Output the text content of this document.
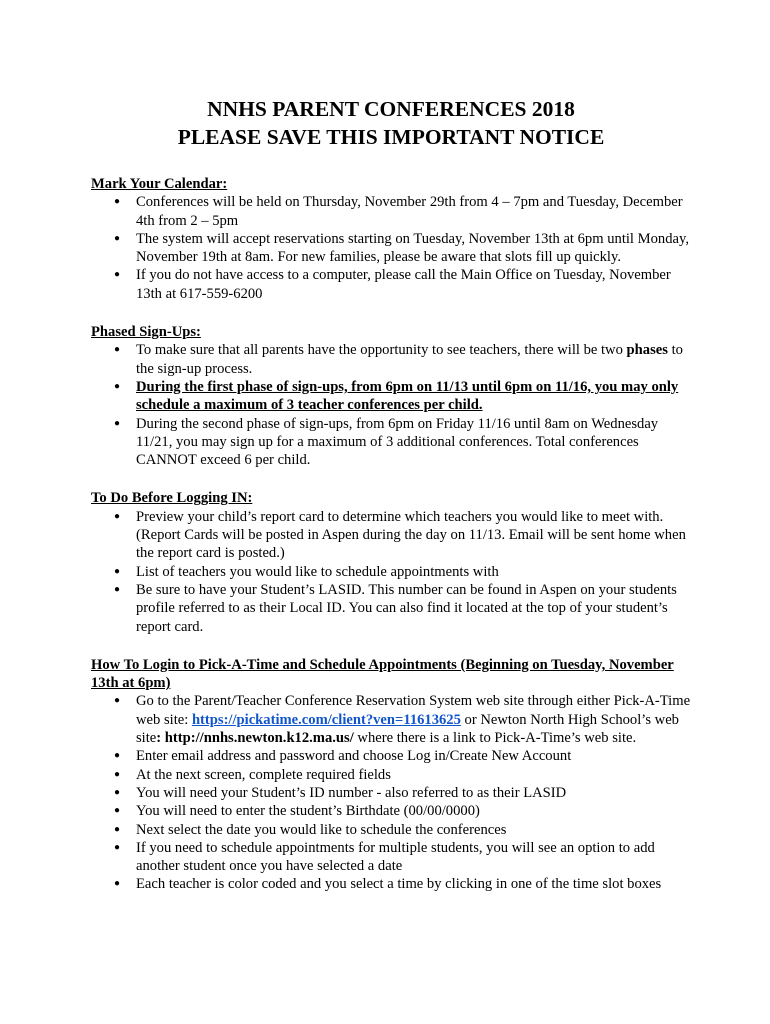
NNHS PARENT CONFERENCES 2018
PLEASE SAVE THIS IMPORTANT NOTICE

Mark Your Calendar:

● Conferences will be held on Thursday, November 29th from 4 – 7pm and Tuesday, December 4th from 2 – 5pm
● The system will accept reservations starting on Tuesday, November 13th at 6pm until Monday, November 19th at 8am. For new families, please be aware that slots fill up quickly.
● If you do not have access to a computer, please call the Main Office on Tuesday, November 13th at 617-559-6200

Phased Sign-Ups:

● To make sure that all parents have the opportunity to see teachers, there will be two phases to the sign-up process.
● During the first phase of sign-ups, from 6pm on 11/13 until 6pm on 11/16, you may only schedule a maximum of 3 teacher conferences per child.
● During the second phase of sign-ups, from 6pm on Friday 11/16 until 8am on Wednesday 11/21, you may sign up for a maximum of 3 additional conferences. Total conferences CANNOT exceed 6 per child.

To Do Before Logging IN:

● Preview your child’s report card to determine which teachers you would like to meet with. (Report Cards will be posted in Aspen during the day on 11/13. Email will be sent home when the report card is posted.)
● List of teachers you would like to schedule appointments with
● Be sure to have your Student’s LASID. This number can be found in Aspen on your students profile referred to as their Local ID. You can also find it located at the top of your student’s report card.

How To Login to Pick-A-Time and Schedule Appointments (Beginning on Tuesday, November 13th at 6pm)

● Go to the Parent/Teacher Conference Reservation System web site through either Pick-A-Time web site: https://pickatime.com/client?ven=11613625 or Newton North High School’s web site: http://nnhs.newton.k12.ma.us/ where there is a link to Pick-A-Time’s web site.
● Enter email address and password and choose Log in/Create New Account
● At the next screen, complete required fields
● You will need your Student’s ID number - also referred to as their LASID
● You will need to enter the student’s Birthdate (00/00/0000)
● Next select the date you would like to schedule the conferences
● If you need to schedule appointments for multiple students, you will see an option to add another student once you have selected a date
● Each teacher is color coded and you select a time by clicking in one of the time slot boxes
